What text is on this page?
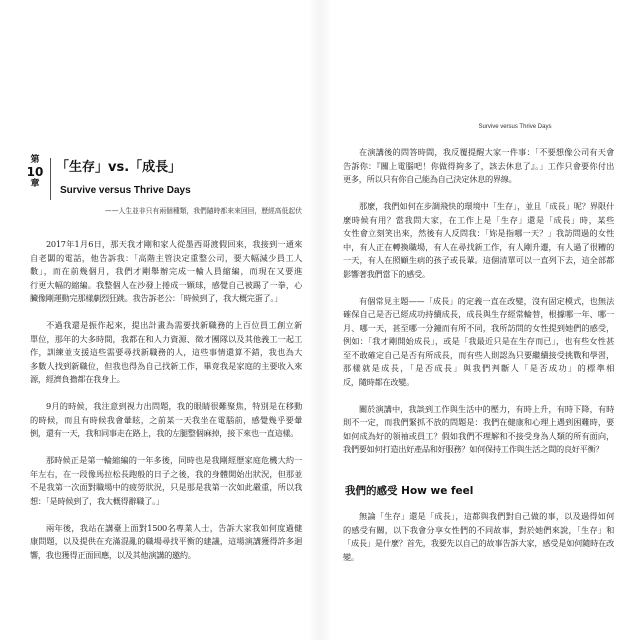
第
10
章
「生存」vs.「成長」
Survive versus Thrive Days
——人生並非只有兩個種類，我們隨時都來來回回，歷經高低起伏
2017年1月6日，那天我才剛和家人從墨西哥渡假回來，我接到一通來
自老闆的電話，他告訴我：「高階主管決定重整公司，要大幅減少員工人
數」，而在前幾個月，我們才剛舉辦完成一輪人員縮編，而現在又要進
行更大幅的縮編。我整個人在沙發上捲成一顆球，感覺自己被踢了一拳，心
臟像剛運動完那樣劇烈狂跳。我告訴老公：「時候到了，我大概完蛋了。」
不過我還是振作起來，提出計畫為需要找新職務的上百位員工創立新
單位，那年的大多時間，我都在和人力資源、徵才團隊以及其他義工一起工
作，訓練並支援這些需要尋找新職務的人，這些事情還算不錯，我也為大
多數人找到新職位，但我也得為自己找新工作，畢竟我是家庭的主要收入來
源，經濟負擔都在我身上。
9月的時候，我注意到視力出問題，我的眼睛很難聚焦，特別是在移動
的時候，而且有時候我會暈眩，之前某一天我坐在電腦前，感覺幾乎要暈
倒，還有一天，我和同事走在路上，我的左腿整個麻掉，接下來也一直這樣。
那時候正是第一輪縮編的一年多後，同時也是我剛經歷家庭危機大約一
年左右，在一段像馬拉松長跑般的日子之後，我的身體開始出狀況，但那並
不是我第一次面對職場中的疲勞狀況，只是那是我第一次如此嚴重，所以我
想：「是時候到了，我大概得辭職了。」
兩年後，我站在講臺上面對1500名專業人士，告訴大家我如何度過健
康問題，以及提供在充滿混亂的職場尋找平衡的建議，這場演講獲得許多迴
響，我也獲得正面回應，以及其他演講的邀約。
Survive versus Thrive Days
在演講後的問答時間，我反覆提醒大家一件事：「不要想像公司有天會
告訴你：『關上電腦吧！你做得夠多了，該去休息了』。」工作只會要你付出
更多，所以只有你自己能為自己決定休息的界線。
那麼，我們如何在步調飛快的環境中「生存」，並且「成長」呢？界限什
麼時候有用？當我問大家，在工作上是「生存」還是「成長」時，某些
女性會立刻笑出來，然後有人反問我：「妳是指哪一天？」我訪問過的女性
中，有人正在轉換職場，有人在尋找新工作，有人剛升遷，有人過了很糟的
一天，有人在照顧生病的孩子或長輩。這個清單可以一直列下去，這全部都
影響著我們當下的感受。
有個常見主題——「成長」的定義一直在改變，沒有固定模式，也無法
確保自己是否已經成功持續成長，成長與生存經常輪替，根據哪一年、哪一
月、哪一天，甚至哪一分鐘而有所不同，我所訪問的女性提到她們的感受，
例如：「我才剛開始成長」，或是「我最近只是在生存而已」，也有些女性甚
至不敢確定自己是否有所成長，而有些人則認為只要繼續接受挑戰和學習，
那樣就是成長，「是否成長」與我們判斷人「是否成功」的標準相
反，隨時都在改變。
關於演講中，我談到工作與生活中的壓力，有時上升，有時下降，有時
則不一定，而我們緊抓不放的問題是：我們在健康和心理上遇到困難時，要
如何成為好的領袖或員工？假如我們不理解和不接受身為人類的所有面向，
我們要如何打造出好產品和好服務？如何保持工作與生活之間的良好平衡？
我們的感受 How we feel
無論「生存」還是「成長」，這都與我們對自己做的事，以及過得如何
的感受有關，以下我會分享女性們的不同故事，對於她們來說，「生存」和
「成長」是什麼？首先，我要先以自己的故事告訴大家，感受是如何隨時在改
變。
